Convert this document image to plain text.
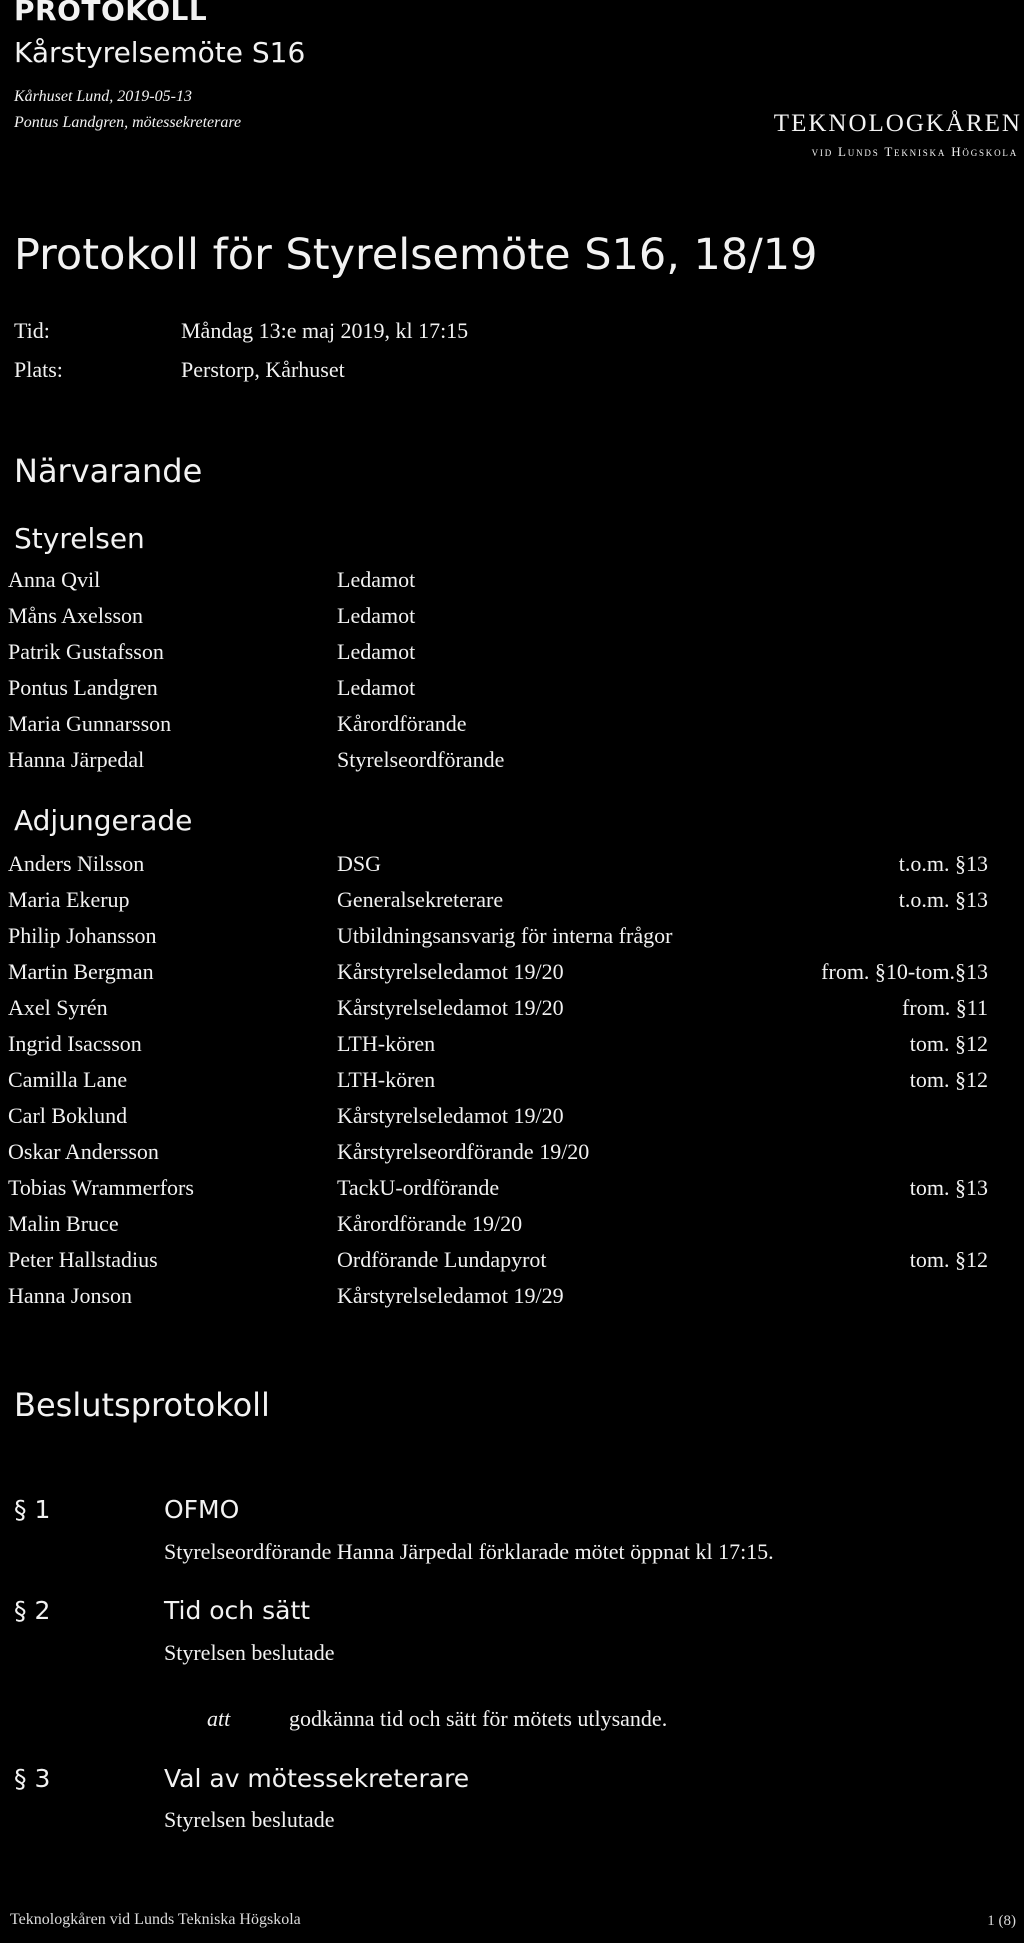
PROTOKOLL
Kårstyrelsemöte S16
Kårhuset Lund, 2019-05-13
Pontus Landgren, mötessekreterare	TEKNOLOGKÅREN
vid Lunds Tekniska Högskola
Protokoll för Styrelsemöte S16, 18/19
Tid:	Måndag 13:e maj 2019, kl 17:15
Plats:	Perstorp, Kårhuset
Närvarande
Styrelsen
Anna Qvil	Ledamot
Måns Axelsson	Ledamot
Patrik Gustafsson	Ledamot
Pontus Landgren	Ledamot
Maria Gunnarsson	Kårordförande
Hanna Järpedal	Styrelseordförande
Adjungerade
Anders Nilsson	DSG	t.o.m. §13
Maria Ekerup	Generalsekreterare	t.o.m. §13
Philip Johansson	Utbildningsansvarig för interna frågor
Martin Bergman	Kårstyrelseledamot 19/20	from. §10-tom.§13
Axel Syrén	Kårstyrelseledamot 19/20	from. §11
Ingrid Isacsson	LTH-kören	tom. §12
Camilla Lane	LTH-kören	tom. §12
Carl Boklund	Kårstyrelseledamot 19/20
Oskar Andersson	Kårstyrelseordförande 19/20
Tobias Wrammerfors	TackU-ordförande	tom. §13
Malin Bruce	Kårordförande 19/20
Peter Hallstadius	Ordförande Lundapyrot	tom. §12
Hanna Jonson	Kårstyrelseledamot 19/29
Beslutsprotokoll
§ 1	OFMO
Styrelseordförande Hanna Järpedal förklarade mötet öppnat kl 17:15.
§ 2	Tid och sätt
Styrelsen beslutade
att	godkänna tid och sätt för mötets utlysande.
§ 3	Val av mötessekreterare
Styrelsen beslutade
Teknologkåren vid Lunds Tekniska Högskola	1 (8)
